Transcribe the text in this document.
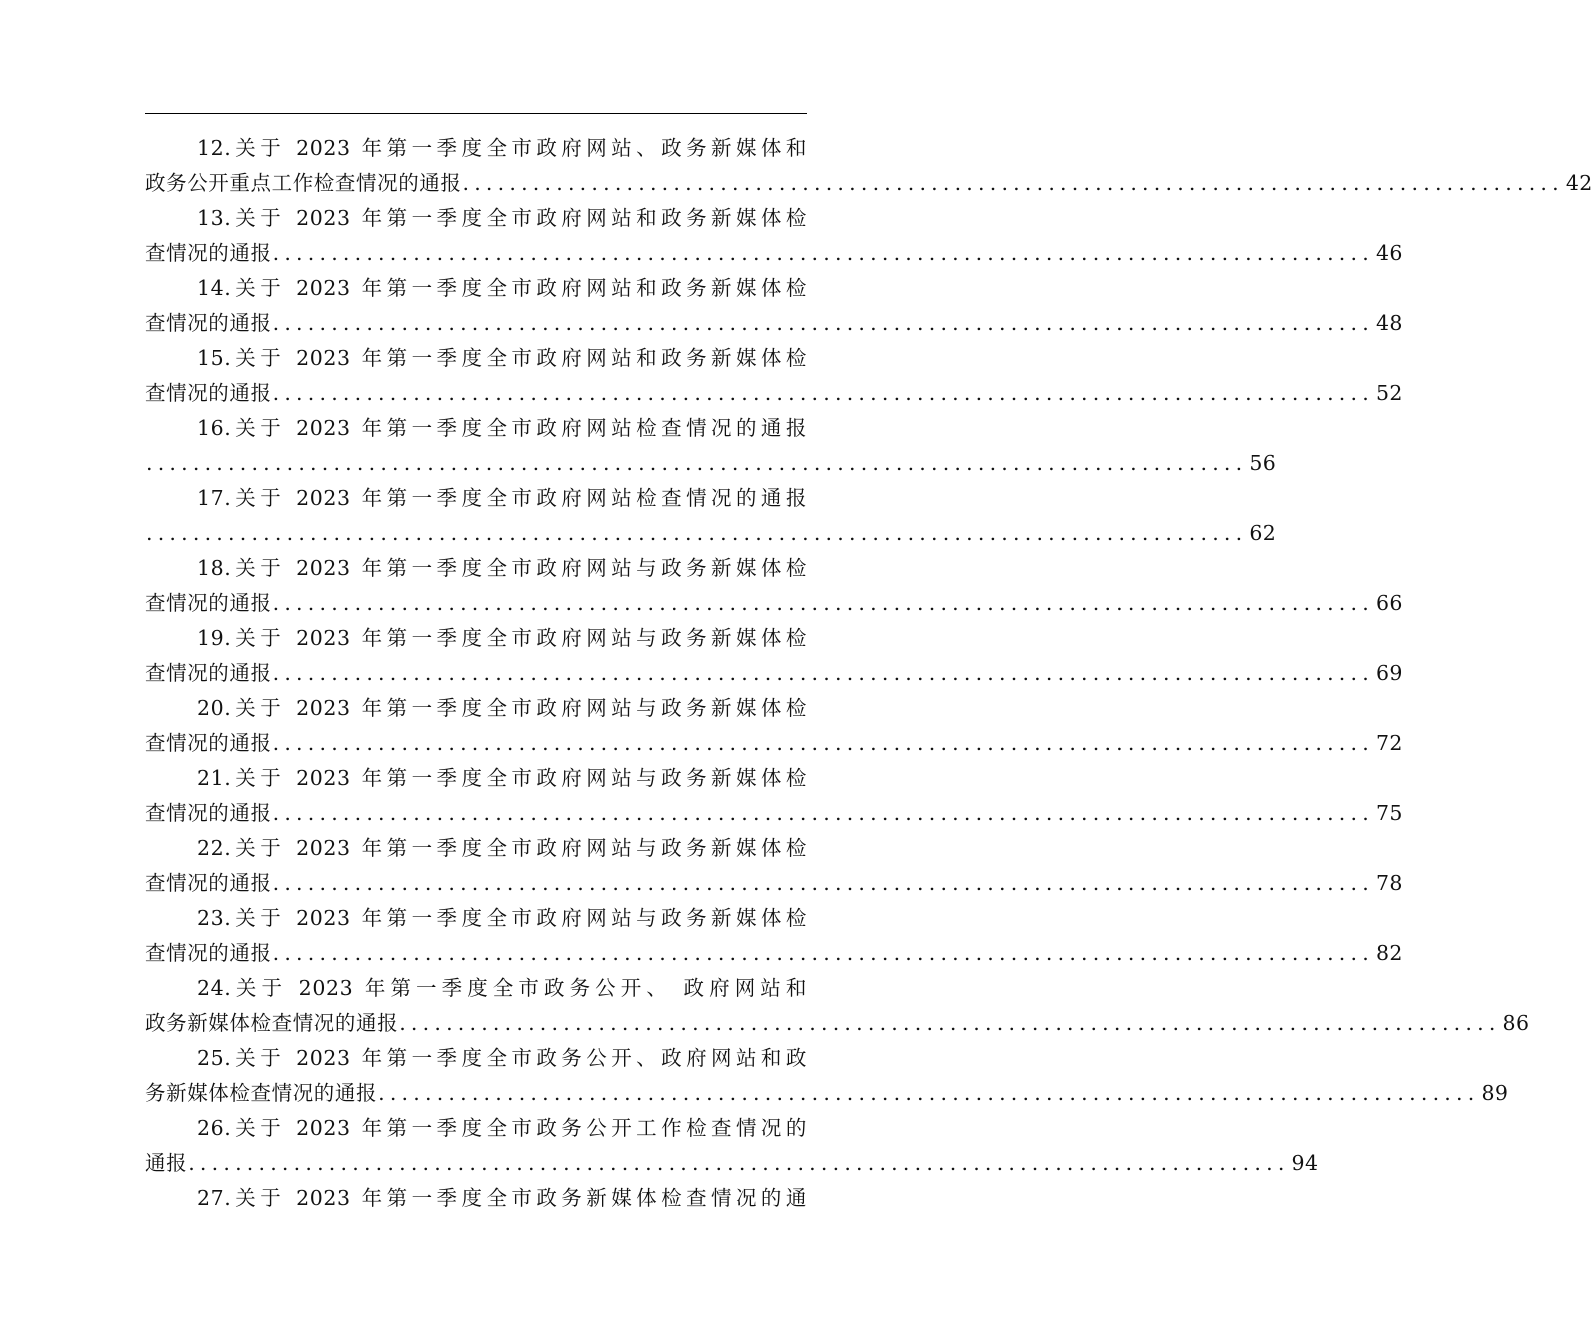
12.关于 2023 年第一季度全市政府网站、政务新媒体和
政务公开重点工作检查情况的通报 .............................................................................................. 42
13.关于 2023 年第一季度全市政府网站和政务新媒体检
查情况的通报 .............................................................................................. 46
14.关于 2023 年第一季度全市政府网站和政务新媒体检
查情况的通报 .............................................................................................. 48
15.关于 2023 年第一季度全市政府网站和政务新媒体检
查情况的通报 .............................................................................................. 52
16.关于 2023 年第一季度全市政府网站检查情况的通报
.............................................................................................. 56
17.关于 2023 年第一季度全市政府网站检查情况的通报
.............................................................................................. 62
18.关于 2023 年第一季度全市政府网站与政务新媒体检
查情况的通报 .............................................................................................. 66
19.关于 2023 年第一季度全市政府网站与政务新媒体检
查情况的通报 .............................................................................................. 69
20.关于 2023 年第一季度全市政府网站与政务新媒体检
查情况的通报 .............................................................................................. 72
21.关于 2023 年第一季度全市政府网站与政务新媒体检
查情况的通报 .............................................................................................. 75
22.关于 2023 年第一季度全市政府网站与政务新媒体检
查情况的通报 .............................................................................................. 78
23.关于 2023 年第一季度全市政府网站与政务新媒体检
查情况的通报 .............................................................................................. 82
24.关于 2023 年第一季度全市政务公开、 政府网站和
政务新媒体检查情况的通报 .............................................................................................. 86
25.关于 2023 年第一季度全市政务公开、政府网站和政
务新媒体检查情况的通报 .............................................................................................. 89
26.关于 2023 年第一季度全市政务公开工作检查情况的
通报 .............................................................................................. 94
27.关于 2023 年第一季度全市政务新媒体检查情况的通
